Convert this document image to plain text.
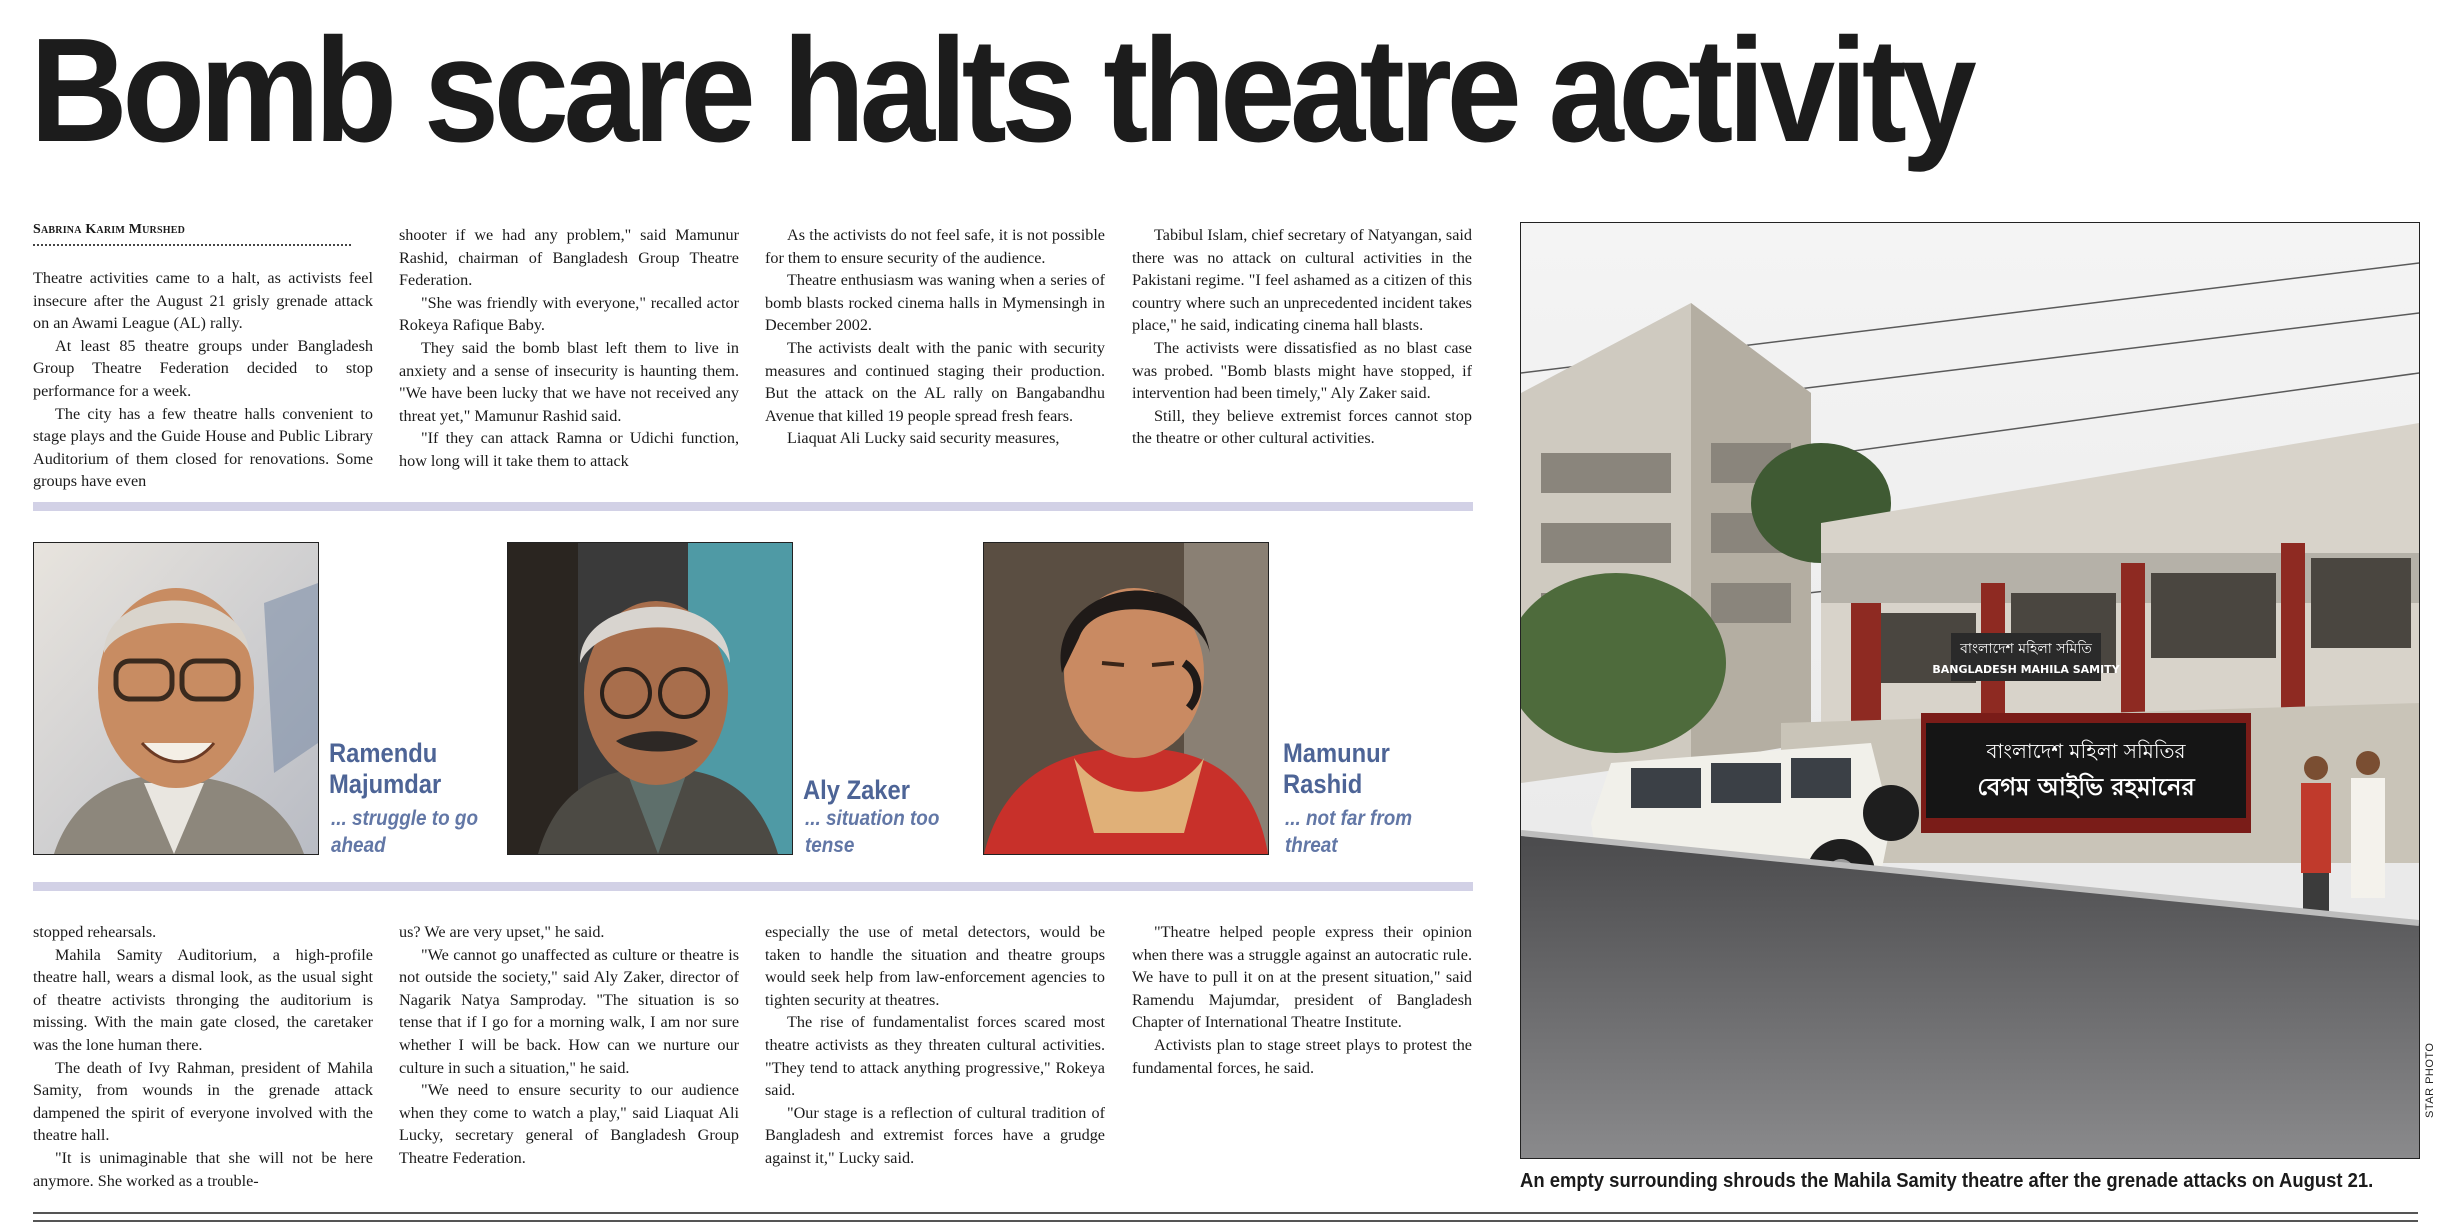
Bomb scare halts theatre activity
Sabrina Karim Murshed

Theatre activities came to a halt, as activists feel insecure after the August 21 grisly grenade attack on an Awami League (AL) rally.

At least 85 theatre groups under Bangladesh Group Theatre Federation decided to stop performance for a week.

The city has a few theatre halls convenient to stage plays and the Guide House and Public Library Auditorium of them closed for renovations. Some groups have even

shooter if we had any problem," said Mamunur Rashid, chairman of Bangladesh Group Theatre Federation.

"She was friendly with everyone," recalled actor Rokeya Rafique Baby.

They said the bomb blast left them to live in anxiety and a sense of insecurity is haunting them. "We have been lucky that we have not received any threat yet," Mamunur Rashid said.

"If they can attack Ramna or Udichi function, how long will it take them to attack

As the activists do not feel safe, it is not possible for them to ensure security of the audience.

Theatre enthusiasm was waning when a series of bomb blasts rocked cinema halls in Mymensingh in December 2002.

The activists dealt with the panic with security measures and continued staging their production. But the attack on the AL rally on Bangabandhu Avenue that killed 19 people spread fresh fears.

Liaquat Ali Lucky said security measures,

Tabibul Islam, chief secretary of Natyangan, said there was no attack on cultural activities in the Pakistani regime. "I feel ashamed as a citizen of this country where such an unprecedented incident takes place," he said, indicating cinema hall blasts.

The activists were dissatisfied as no blast case was probed. "Bomb blasts might have stopped, if intervention had been timely," Aly Zaker said.

Still, they believe extremist forces cannot stop the theatre or other cultural activities.

Ramendu
Majumdar
... struggle to go
ahead
Aly Zaker
... situation too
tense
Mamunur
Rashid
... not far from
threat

stopped rehearsals.

Mahila Samity Auditorium, a high-profile theatre hall, wears a dismal look, as the usual sight of theatre activists thronging the auditorium is missing. With the main gate closed, the caretaker was the lone human there.

The death of Ivy Rahman, president of Mahila Samity, from wounds in the grenade attack dampened the spirit of everyone involved with the theatre hall.

"It is unimaginable that she will not be here anymore. She worked as a trouble-

us? We are very upset," he said.

"We cannot go unaffected as culture or theatre is not outside the society," said Aly Zaker, director of Nagarik Natya Samproday. "The situation is so tense that if I go for a morning walk, I am nor sure whether I will be back. How can we nurture our culture in such a situation," he said.

"We need to ensure security to our audience when they come to watch a play," said Liaquat Ali Lucky, secretary general of Bangladesh Group Theatre Federation.

especially the use of metal detectors, would be taken to handle the situation and theatre groups would seek help from law-enforcement agencies to tighten security at theatres.

The rise of fundamentalist forces scared most theatre activists as they threaten cultural activities. "They tend to attack anything progressive," Rokeya said.

"Our stage is a reflection of cultural tradition of Bangladesh and extremist forces have a grudge against it," Lucky said.

"Theatre helped people express their opinion when there was a struggle against an autocratic rule. We have to pull it on at the present situation," said Ramendu Majumdar, president of Bangladesh Chapter of International Theatre Institute.

Activists plan to stage street plays to protest the fundamental forces, he said.

বাংলাদেশ মহিলা সমিতি
BANGLADESH MAHILA SAMITY
বাংলাদেশ মহিলা সমিতির
বেগম আইভি রহমানের
STAR PHOTO
An empty surrounding shrouds the Mahila Samity theatre after the grenade attacks on August 21.
